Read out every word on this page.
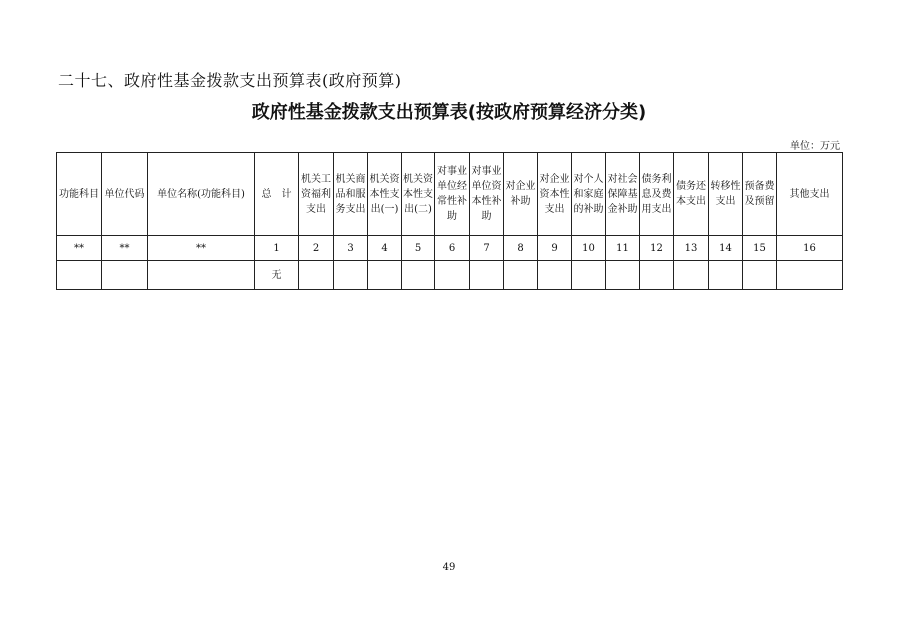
二十七、政府性基金拨款支出预算表(政府预算)
政府性基金拨款支出预算表(按政府预算经济分类)
单位：万元
功能科目	单位代码	单位名称(功能科目)	总　计	机关工资福利支出	机关商品和服务支出	机关资本性支出(一)	机关资本性支出(二)	对事业单位经常性补助	对事业单位资本性补助	对企业补助	对企业资本性支出	对个人和家庭的补助	对社会保障基金补助	债务利息及费用支出	债务还本支出	转移性支出	预备费及预留	其他支出
**	**	**	1	2	3	4	5	6	7	8	9	10	11	12	13	14	15	16
			无															
49
